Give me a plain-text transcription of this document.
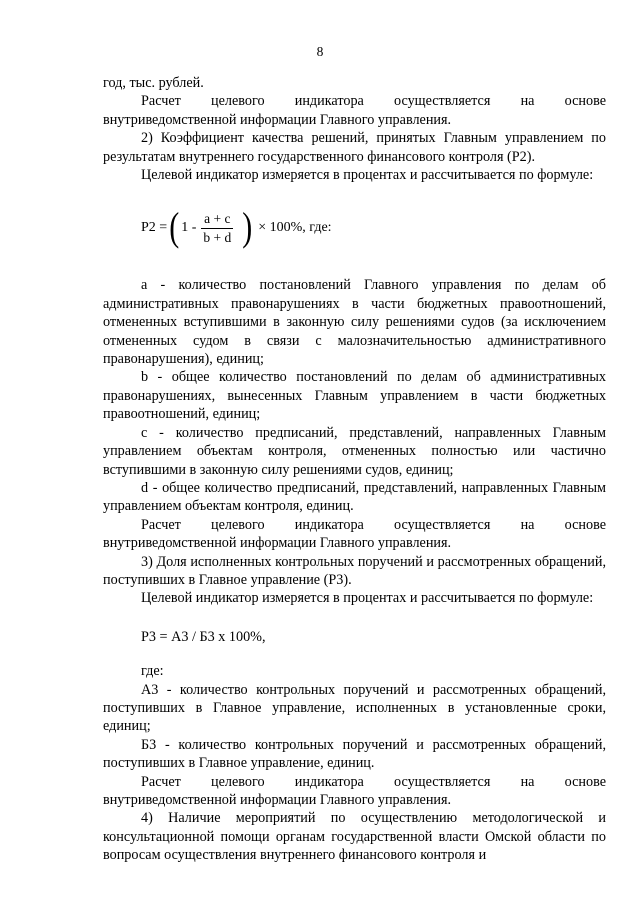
8

год, тыс. рублей.

Расчет целевого индикатора осуществляется на основе внутриведомственной информации Главного управления.

2) Коэффициент качества решений, принятых Главным управлением по результатам внутреннего государственного финансового контроля (Р2).

Целевой индикатор измеряется в процентах и рассчитывается по формуле:

Р2 = ( $1 - \frac{a + c}{b + d}$ ) × 100%, где:

а - количество постановлений Главного управления по делам об административных правонарушениях в части бюджетных правоотношений, отмененных вступившими в законную силу решениями судов (за исключением отмененных судом в связи с малозначительностью административного правонарушения), единиц;

b - общее количество постановлений по делам об административных правонарушениях, вынесенных Главным управлением в части бюджетных правоотношений, единиц;

с - количество предписаний, представлений, направленных Главным управлением объектам контроля, отмененных полностью или частично вступившими в законную силу решениями судов, единиц;

d - общее количество предписаний, представлений, направленных Главным управлением объектам контроля, единиц.

Расчет целевого индикатора осуществляется на основе внутриведомственной информации Главного управления.

3) Доля исполненных контрольных поручений и рассмотренных обращений, поступивших в Главное управление (Р3).

Целевой индикатор измеряется в процентах и рассчитывается по формуле:

Р3 = А3 / Б3 х 100%,

где:

А3 - количество контрольных поручений и рассмотренных обращений, поступивших в Главное управление, исполненных в установленные сроки, единиц;

Б3 - количество контрольных поручений и рассмотренных обращений, поступивших в Главное управление, единиц.

Расчет целевого индикатора осуществляется на основе внутриведомственной информации Главного управления.

4) Наличие мероприятий по осуществлению методологической и консультационной помощи органам государственной власти Омской области по вопросам осуществления внутреннего финансового контроля и
